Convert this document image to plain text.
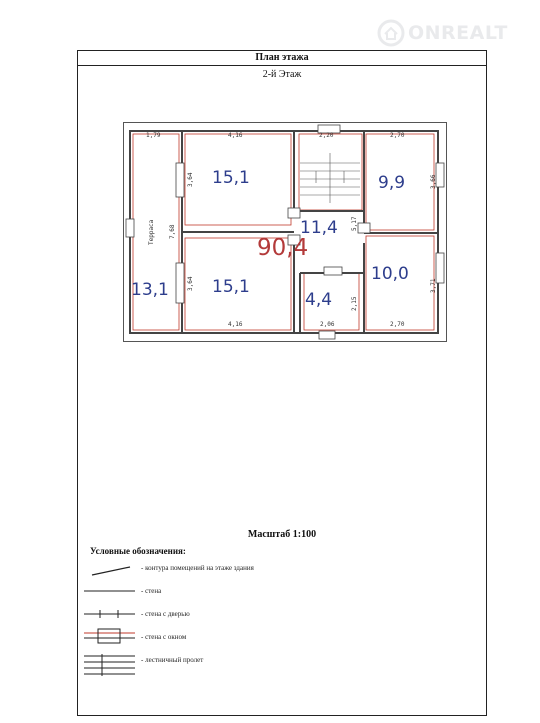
ONREALT
План этажа
2-й Этаж
1,79	4,16	2,20	2,70
4,16	2,06	2,70
3,64
7,68
3,64
3,66
3,71
5,17
2,15
Терраса
15,1
15,1
13,1
9,9
10,0
11,4
4,4
90,4
Масштаб 1:100
Условные обозначения:
- контура помещений на этаже здания
- стена
- стена с дверью
- стена с окном
- лестничный пролет
